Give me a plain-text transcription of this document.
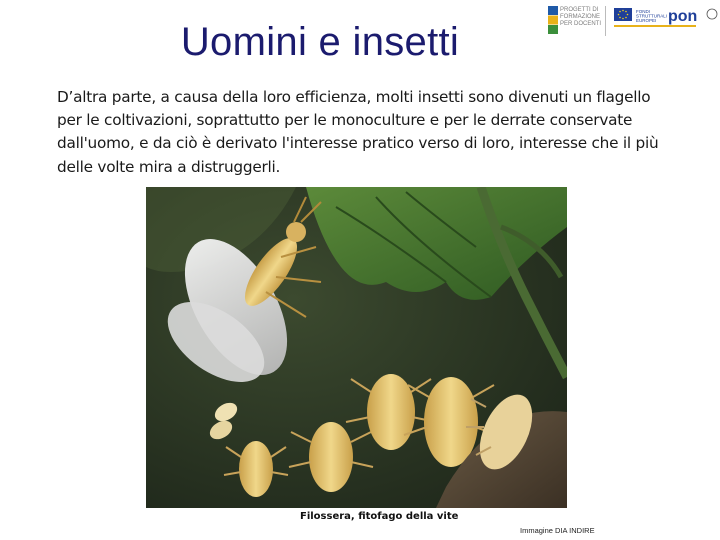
Uomini e insetti
PROGETTI DI
FORMAZIONE
PER DOCENTI
FONDI
STRUTTURALI
EUROPEI pon
D’altra parte, a causa della loro efficienza, molti insetti sono divenuti un flagello per le coltivazioni, soprattutto per le monoculture e per le derrate conservate dall'uomo, e da ciò è derivato l'interesse pratico verso di loro, interesse che il più delle volte mira a distruggerli.
Filossera, fitofago della vite
Immagine DIA INDIRE
